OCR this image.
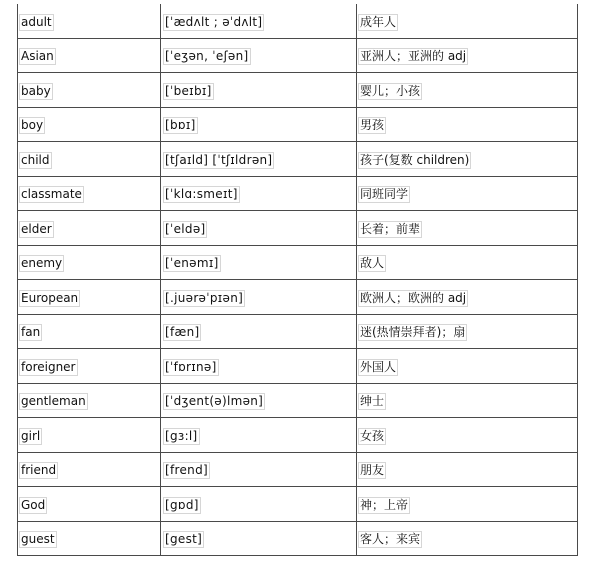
adult	[ˈædʌlt ; əˈdʌlt]	成年人
Asian	[ˈeʒən, ˈeʃən]	亚洲人；亚洲的 adj
baby	[ˈbeɪbɪ]	婴儿；小孩
boy	[bɒɪ]	男孩
child	[tʃaɪld] [ˈtʃɪldrən]	孩子(复数 children)
classmate	[ˈklɑ:smeɪt]	同班同学
elder	[ˈeldə]	长着；前辈
enemy	[ˈenəmɪ]	敌人
European	[.juərəˈpɪən]	欧洲人；欧洲的 adj
fan	[fæn]	迷(热情崇拜者)；扇
foreigner	[ˈfɒrɪnə]	外国人
gentleman	[ˈdʒent(ə)lmən]	绅士
girl	[gɜ:l]	女孩
friend	[frend]	朋友
God	[gɒd]	神；上帝
guest	[gest]	客人；来宾
